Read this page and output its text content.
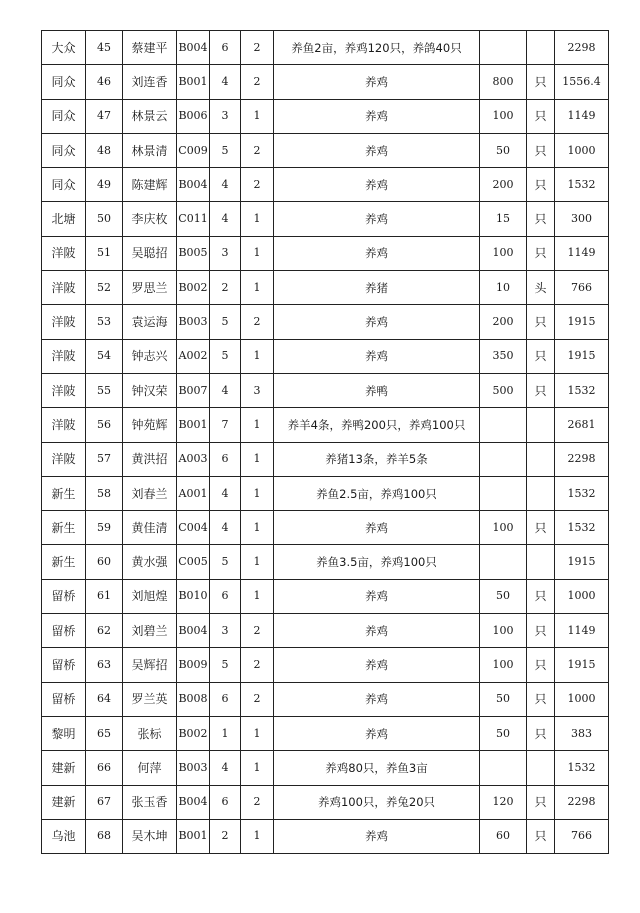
大众	45	蔡建平	B004	6	2	养鱼2亩，养鸡120只，养鸽40只			2298
同众	46	刘连香	B001	4	2	养鸡	800	只	1556.4
同众	47	林景云	B006	3	1	养鸡	100	只	1149
同众	48	林景清	C009	5	2	养鸡	50	只	1000
同众	49	陈建辉	B004	4	2	养鸡	200	只	1532
北塘	50	李庆枚	C011	4	1	养鸡	15	只	300
洋陂	51	吴聪招	B005	3	1	养鸡	100	只	1149
洋陂	52	罗思兰	B002	2	1	养猪	10	头	766
洋陂	53	袁运海	B003	5	2	养鸡	200	只	1915
洋陂	54	钟志兴	A002	5	1	养鸡	350	只	1915
洋陂	55	钟汉荣	B007	4	3	养鸭	500	只	1532
洋陂	56	钟苑辉	B001	7	1	养羊4条，养鸭200只，养鸡100只			2681
洋陂	57	黄洪招	A003	6	1	养猪13条，养羊5条			2298
新生	58	刘春兰	A001	4	1	养鱼2.5亩，养鸡100只			1532
新生	59	黄佳清	C004	4	1	养鸡	100	只	1532
新生	60	黄水强	C005	5	1	养鱼3.5亩，养鸡100只			1915
留桥	61	刘旭煌	B010	6	1	养鸡	50	只	1000
留桥	62	刘碧兰	B004	3	2	养鸡	100	只	1149
留桥	63	吴辉招	B009	5	2	养鸡	100	只	1915
留桥	64	罗兰英	B008	6	2	养鸡	50	只	1000
黎明	65	张标	B002	1	1	养鸡	50	只	383
建新	66	何萍	B003	4	1	养鸡80只，养鱼3亩			1532
建新	67	张玉香	B004	6	2	养鸡100只，养兔20只	120	只	2298
乌池	68	吴木坤	B001	2	1	养鸡	60	只	766
